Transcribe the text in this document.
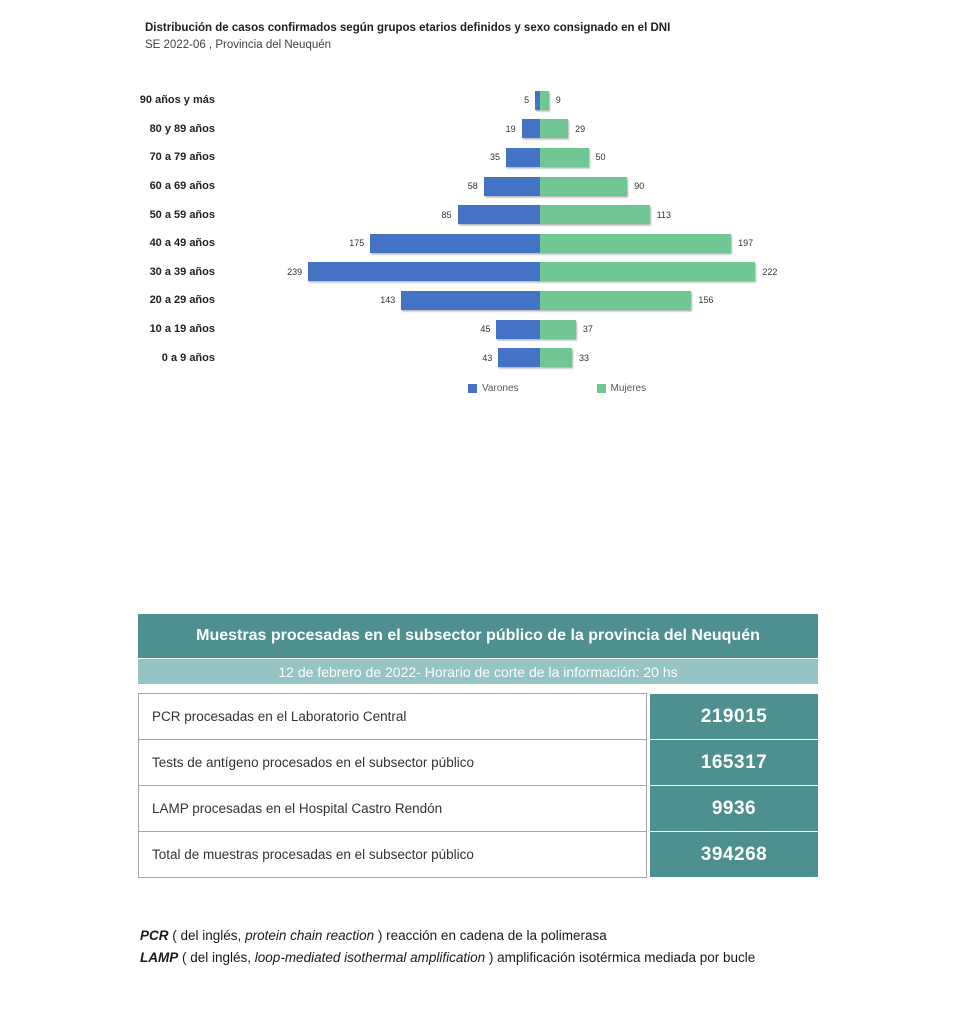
Distribución de casos confirmados según grupos etarios definidos y sexo consignado en el DNI
SE 2022-06 , Provincia del Neuquén
90 años y más	5	9
80 y 89 años	19	29
70 a 79 años	35	50
60 a 69 años	58	90
50 a 59 años	85	113
40 a 49 años	175	197
30 a 39 años	239	222
20 a 29 años	143	156
10 a 19 años	45	37
0 a 9 años	43	33
Varones	Mujeres
Muestras procesadas en el subsector público de la provincia del Neuquén
12 de febrero de 2022- Horario de corte de la información: 20 hs
PCR procesadas en el Laboratorio Central	219015
Tests de antígeno procesados en el subsector público	165317
LAMP procesadas en el Hospital Castro Rendón	9936
Total de muestras procesadas en el subsector público	394268
PCR ( del inglés, protein chain reaction ) reacción en cadena de la polimerasa
LAMP ( del inglés, loop-mediated isothermal amplification ) amplificación isotérmica mediada por bucle
